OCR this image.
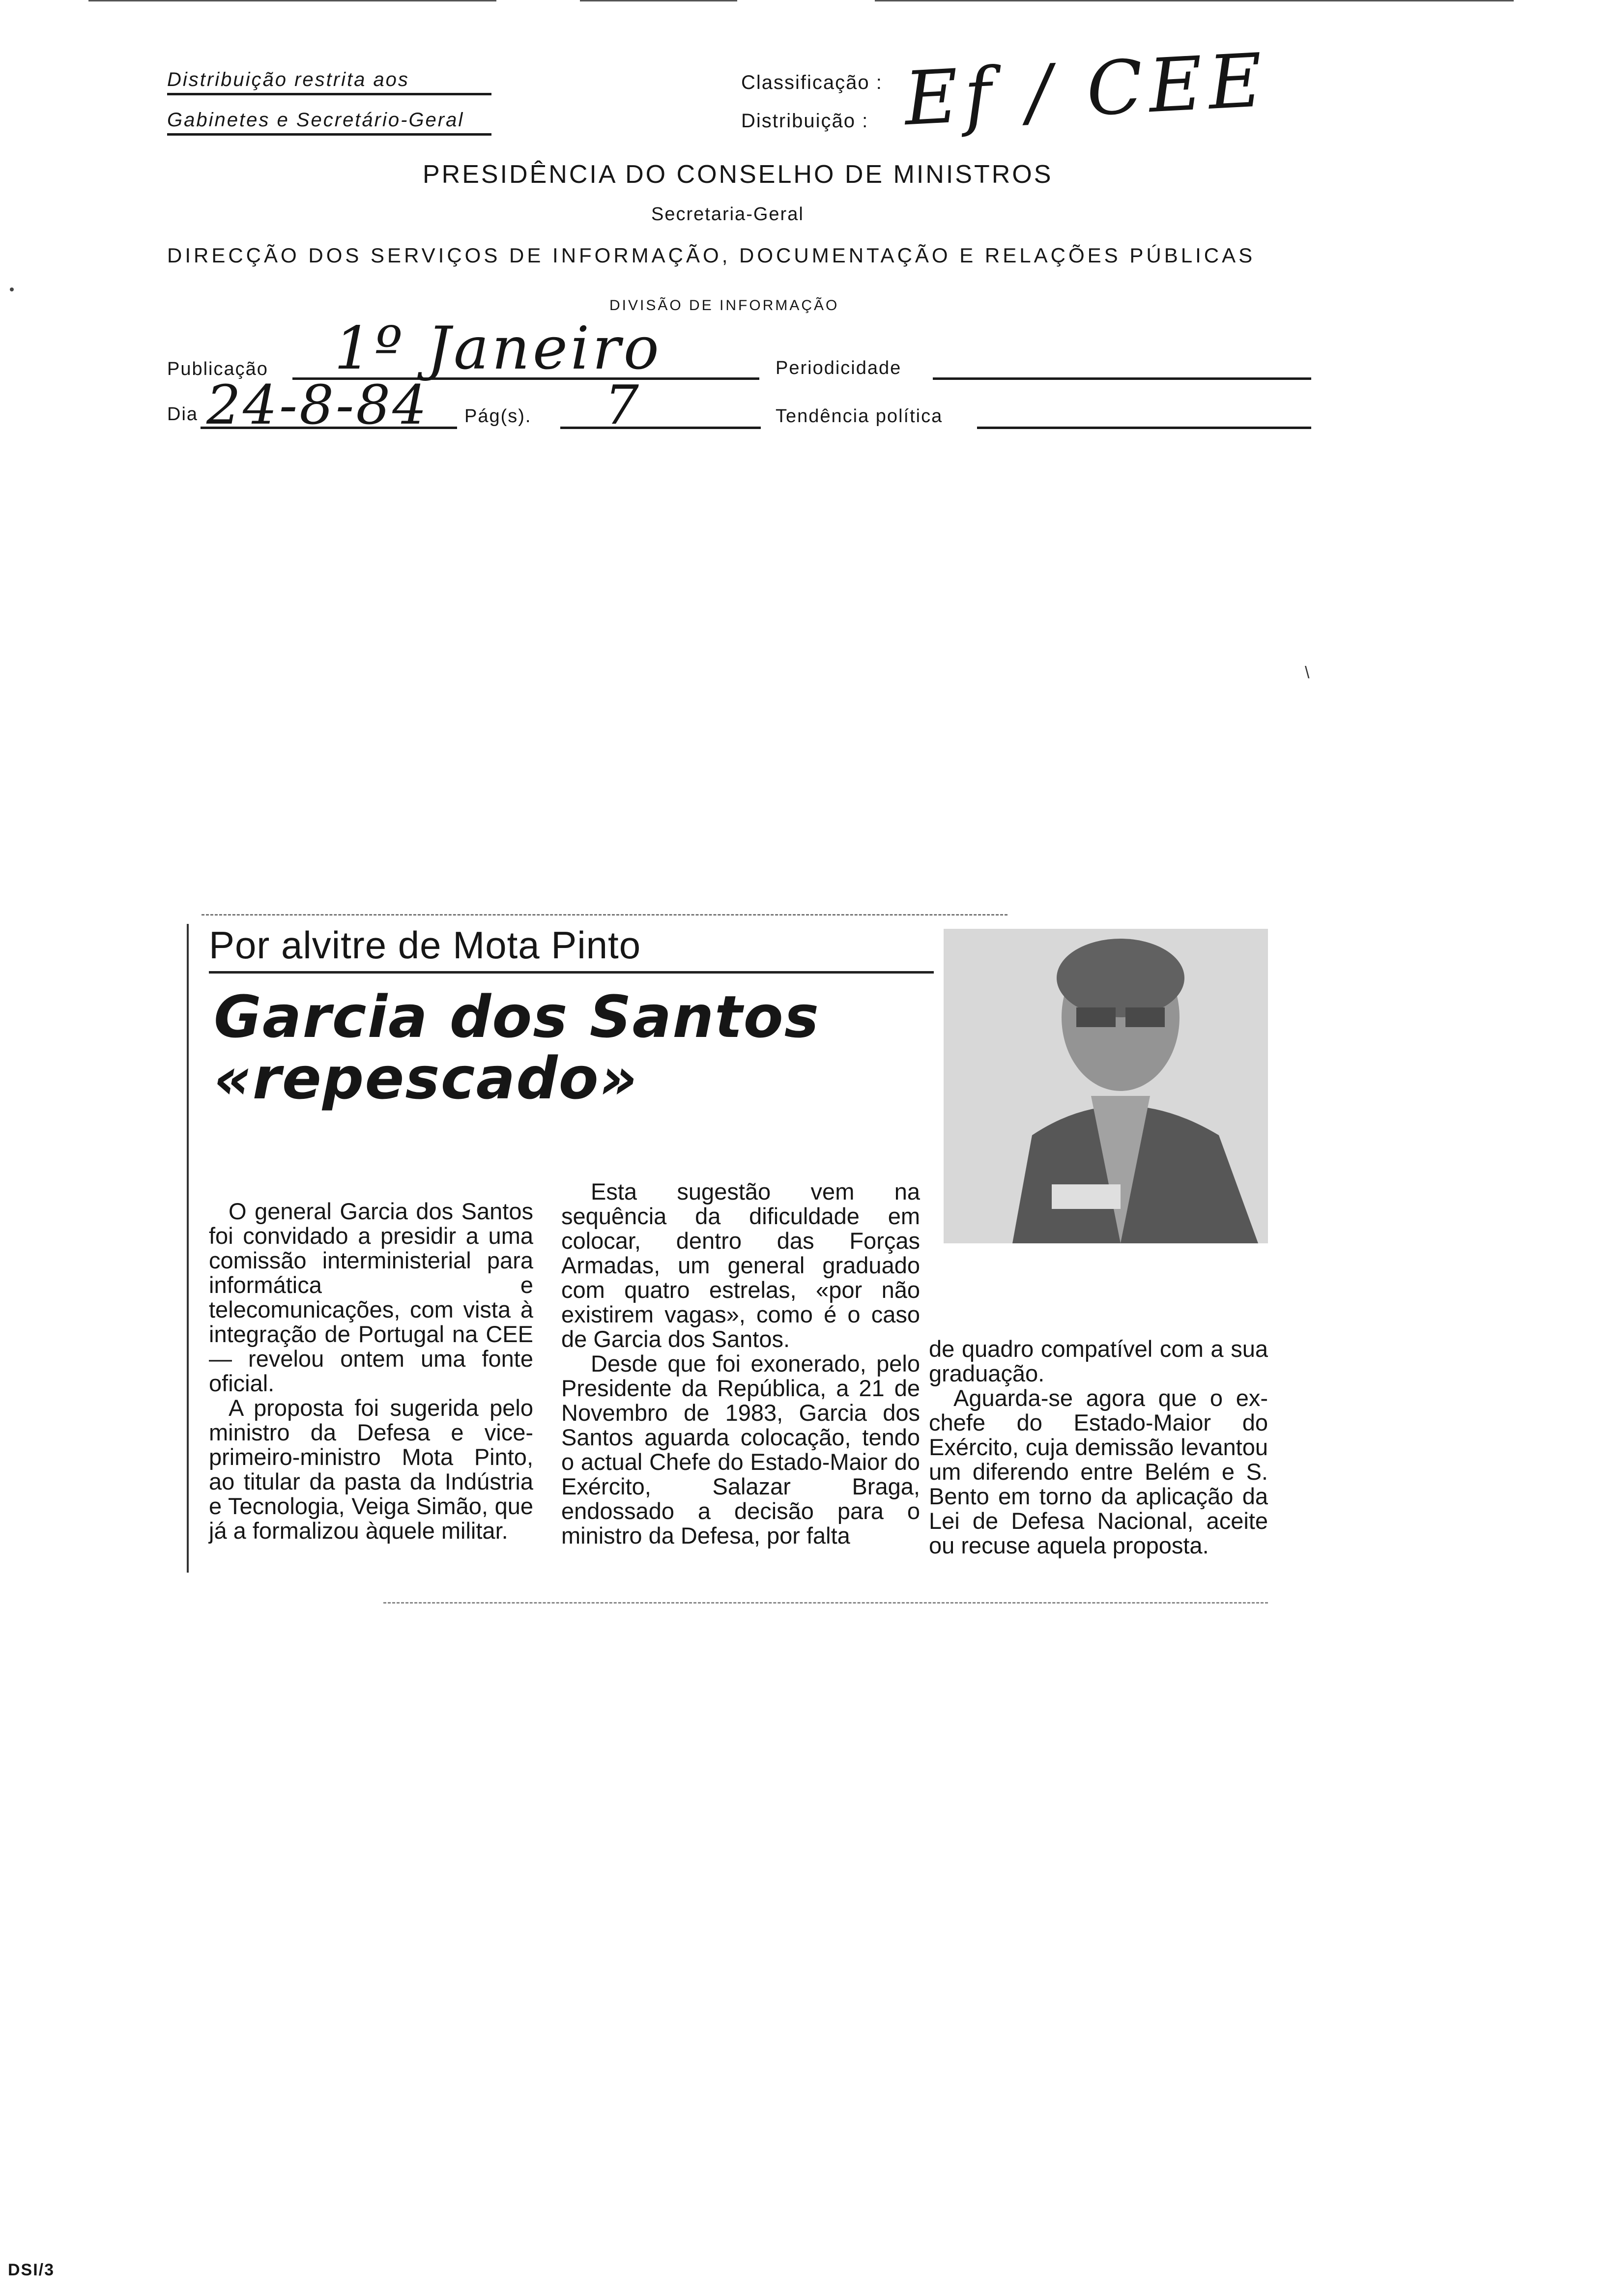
Distribuição restrita aos
Gabinetes e Secretário-Geral
Classificação :
Distribuição : Ef / CEE
PRESIDÊNCIA DO CONSELHO DE MINISTROS
Secretaria-Geral
DIRECÇÃO DOS SERVIÇOS DE INFORMAÇÃO, DOCUMENTAÇÃO E RELAÇÕES PÚBLICAS
DIVISÃO DE INFORMAÇÃO
Publicação 1º Janeiro	Periodicidade
Dia 24-8-84 Pág(s). 7	Tendência política
\
Por alvitre de Mota Pinto
Garcia dos Santos
«repescado»

O general Garcia dos Santos foi convidado a presidir a uma comissão interministerial para informática e telecomunicações, com vista à integração de Portugal na CEE — revelou ontem uma fonte oficial.

A proposta foi sugerida pelo ministro da Defesa e vice-primeiro-ministro Mota Pinto, ao titular da pasta da Indústria e Tecnologia, Veiga Simão, que já a formalizou àquele militar.

Esta sugestão vem na sequência da dificuldade em colocar, dentro das Forças Armadas, um general graduado com quatro estrelas, «por não existirem vagas», como é o caso de Garcia dos Santos.

Desde que foi exonerado, pelo Presidente da República, a 21 de Novembro de 1983, Garcia dos Santos aguarda colocação, tendo o actual Chefe do Estado-Maior do Exército, Salazar Braga, endossado a decisão para o ministro da Defesa, por falta

de quadro compatível com a sua graduação.

Aguarda-se agora que o ex-chefe do Estado-Maior do Exército, cuja demissão levantou um diferendo entre Belém e S. Bento em torno da aplicação da Lei de Defesa Nacional, aceite ou recuse aquela proposta.

DSI/3
